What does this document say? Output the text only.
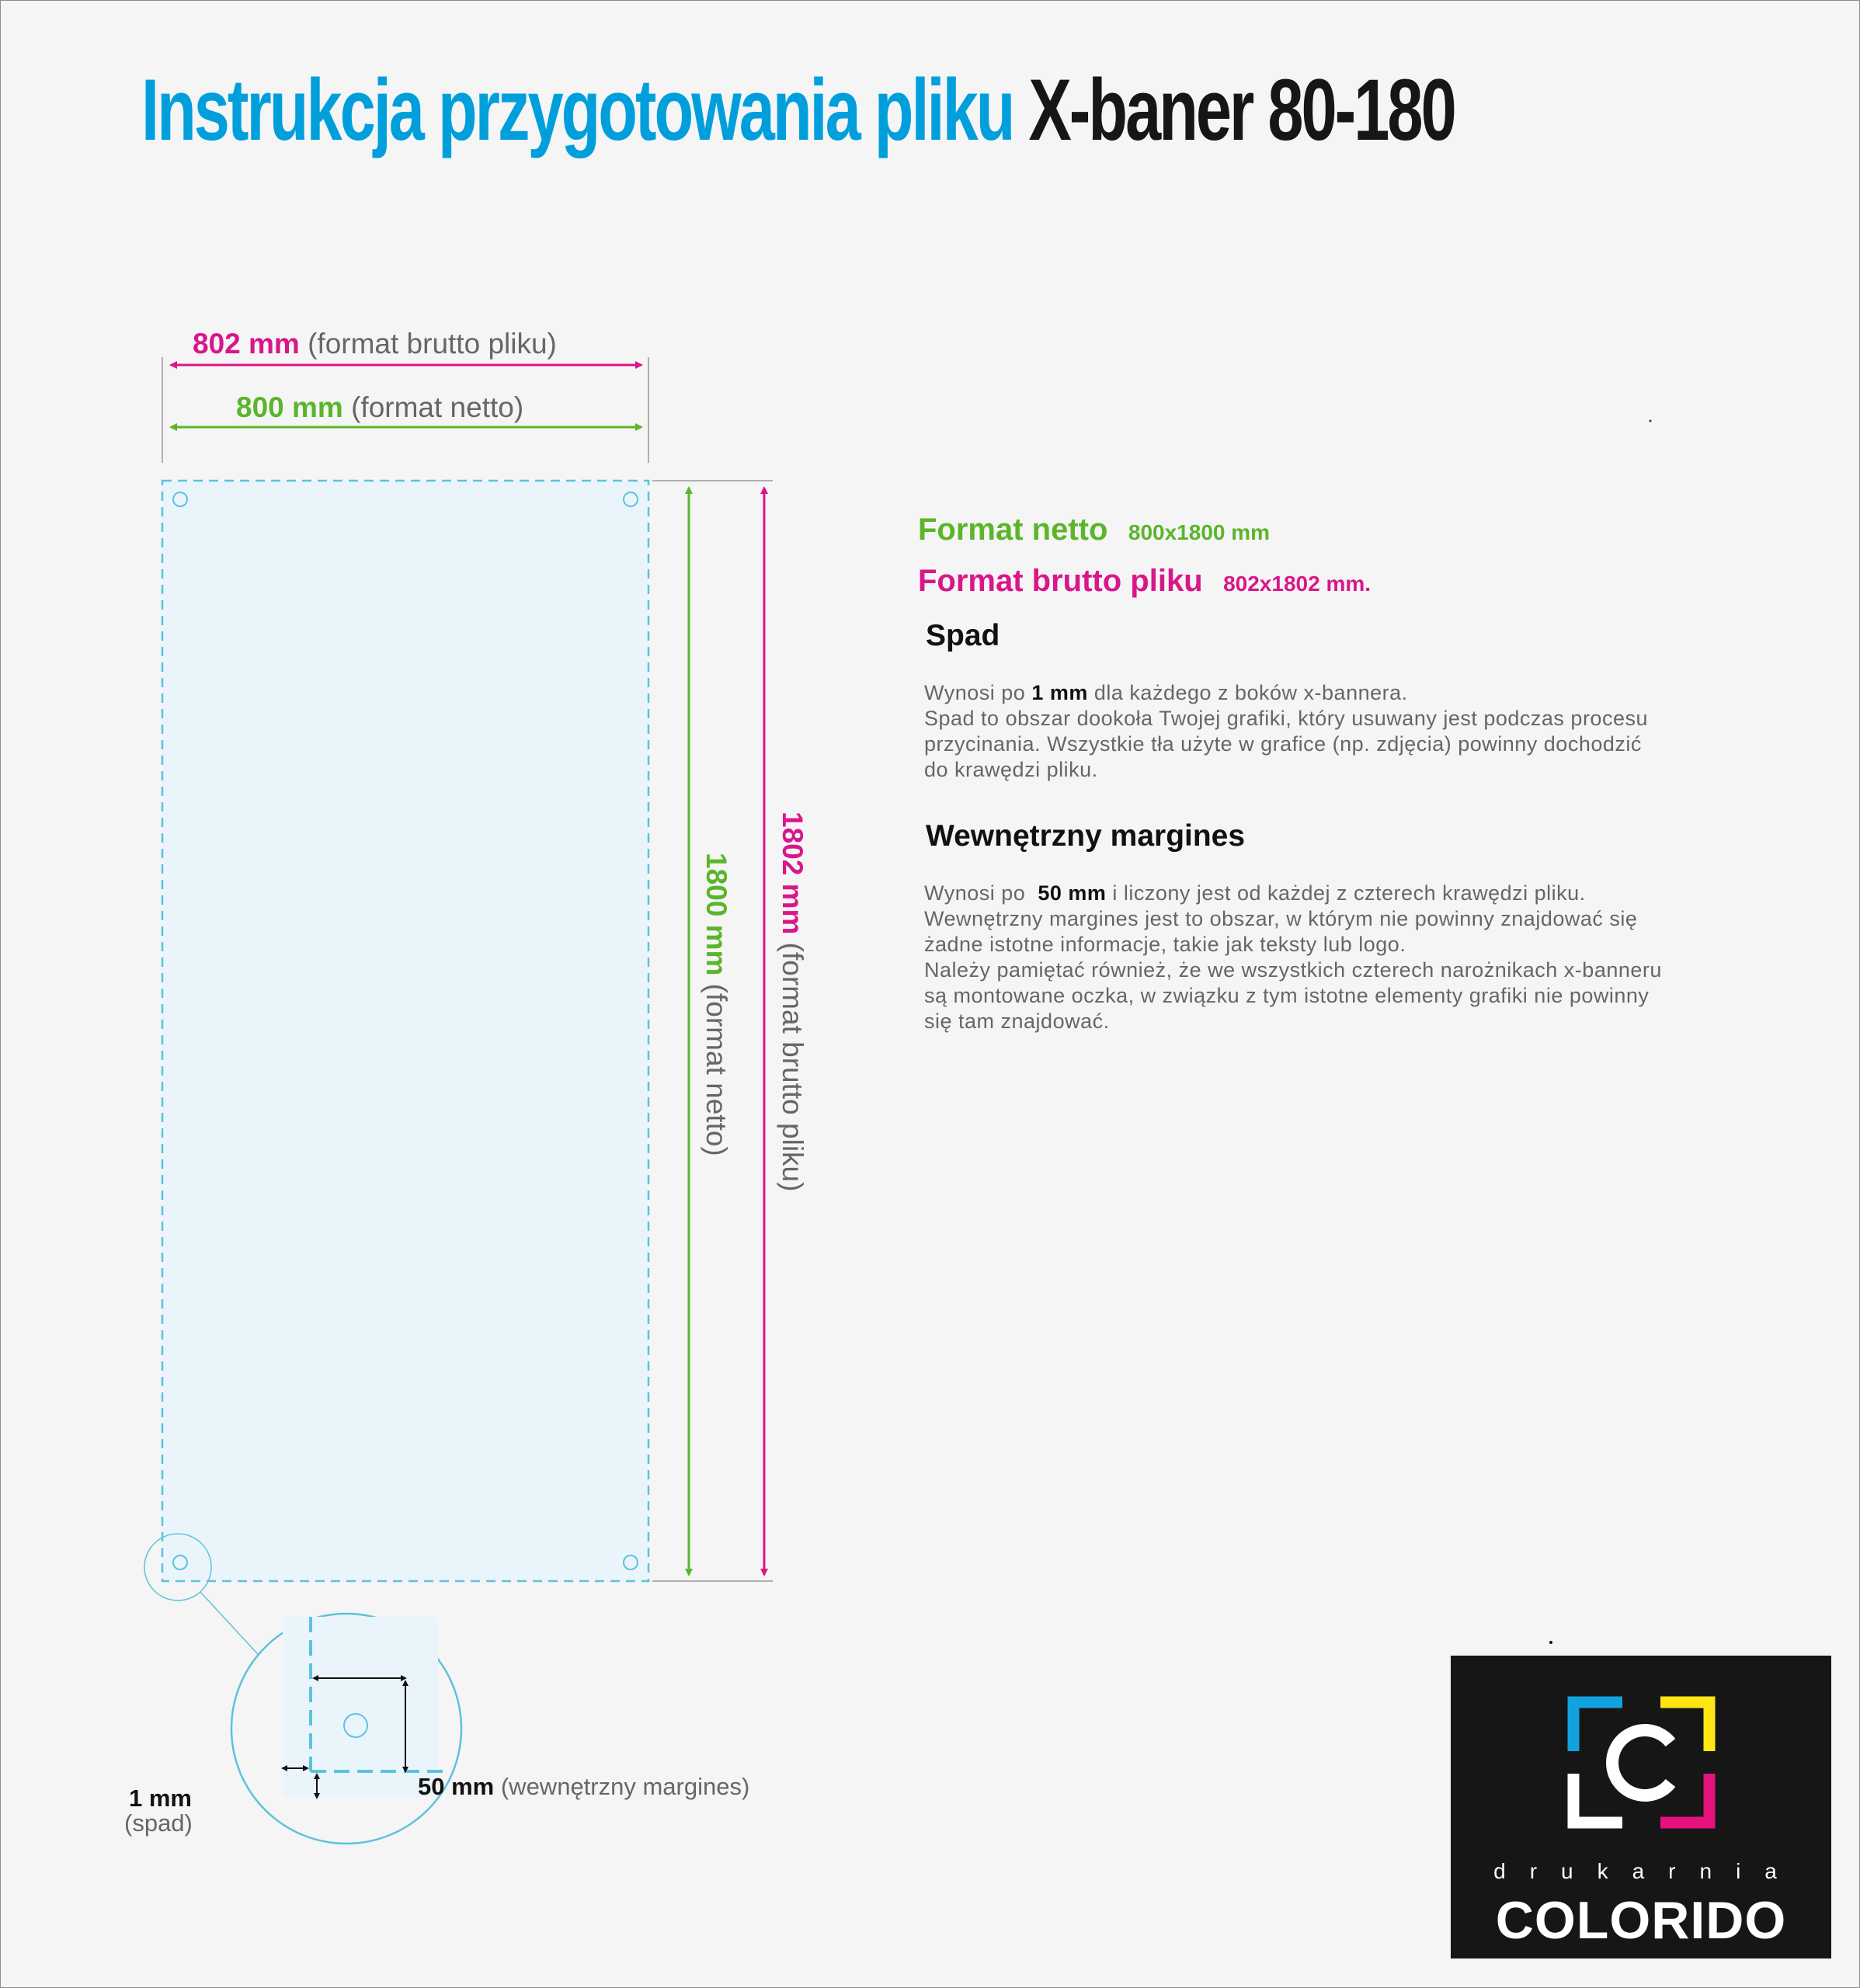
Instrukcja przygotowania pliku X-baner 80-180
802 mm (format brutto pliku)
800 mm (format netto)
1800 mm (format netto)
1802 mm (format brutto pliku)
Format netto 800x1800 mm
Format brutto pliku 802x1802 mm.
Spad
Wynosi po 1 mm dla każdego z boków x-bannera.
Spad to obszar dookoła Twojej grafiki, który usuwany jest podczas procesu
przycinania. Wszystkie tła użyte w grafice (np. zdjęcia) powinny dochodzić
do krawędzi pliku.
Wewnętrzny margines
Wynosi po 50 mm i liczony jest od każdej z czterech krawędzi pliku.
Wewnętrzny margines jest to obszar, w którym nie powinny znajdować się
żadne istotne informacje, takie jak teksty lub logo.
Należy pamiętać również, że we wszystkich czterech narożnikach x-banneru
są montowane oczka, w związku z tym istotne elementy grafiki nie powinny
się tam znajdować.
1 mm
(spad)
50 mm (wewnętrzny margines)
drukarnia
COLORIDO
